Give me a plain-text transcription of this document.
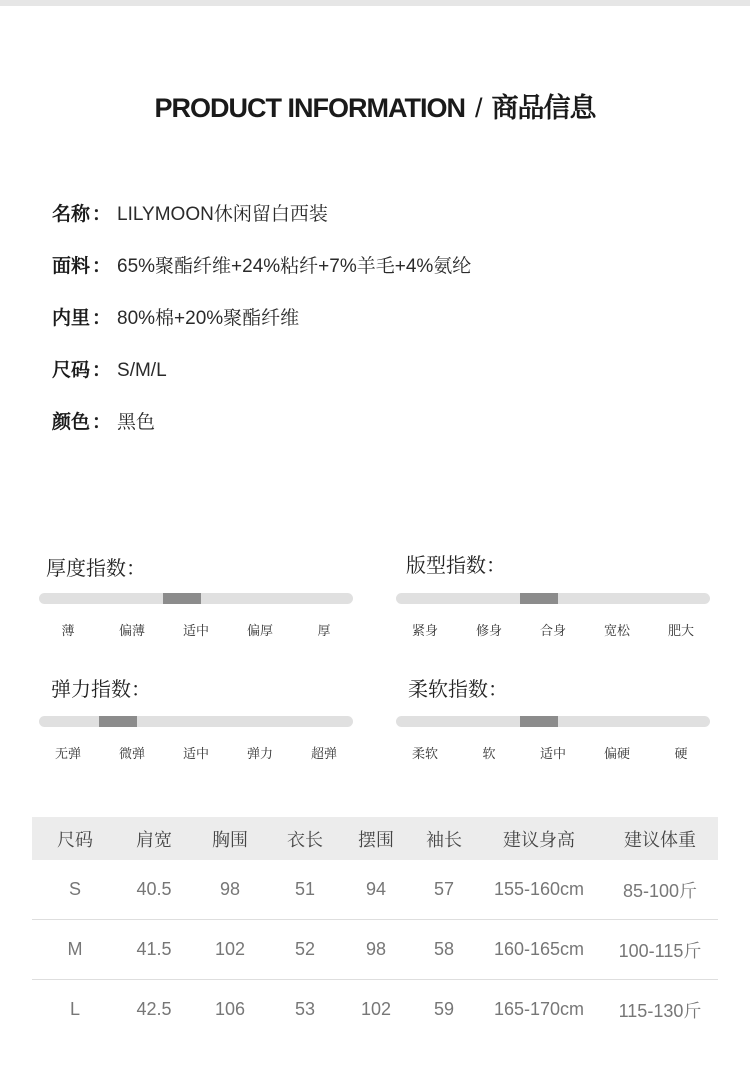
PRODUCT INFORMATION / 商品信息
名称 ： LILYMOON休闲留白西装
面料 ： 65%聚酯纤维+24%粘纤+7%羊毛+4%氨纶
内里 ： 80%棉+20%聚酯纤维
尺码 ： S/M/L
颜色 ： 黑色
厚度指数：
薄	偏薄	适中	偏厚	厚
版型指数：
紧身	修身	合身	宽松	肥大
弹力指数：
无弹	微弹	适中	弹力	超弹
柔软指数：
柔软	软	适中	偏硬	硬
尺码	肩宽	胸围	衣长	摆围	袖长	建议身高	建议体重
S	40.5	98	51	94	57	155-160cm	85-100斤
M	41.5	102	52	98	58	160-165cm	100-115斤
L	42.5	106	53	102	59	165-170cm	115-130斤
